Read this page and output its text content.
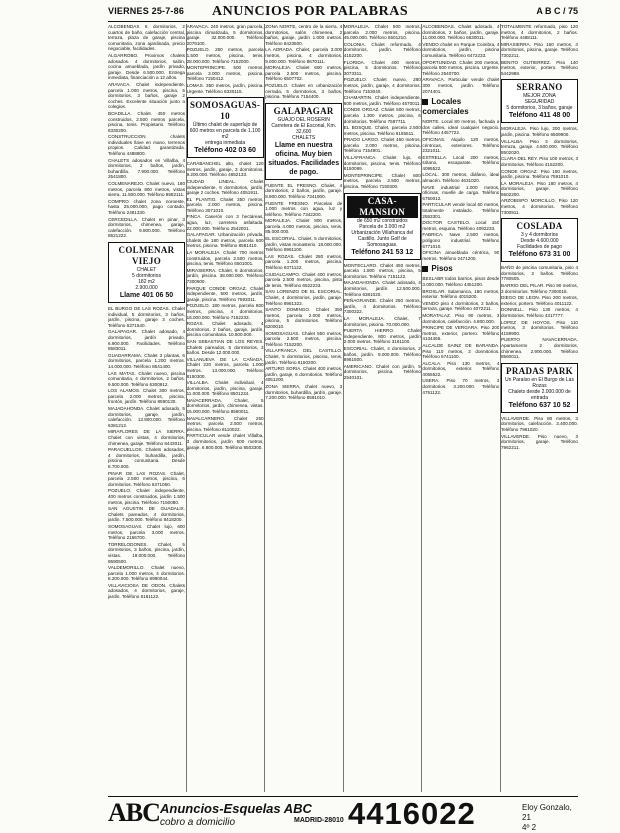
VIERNES 25-7-86 ANUNCIOS POR PALABRAS	A B C / 75

ALCOBENDAS 6 dormitorios, 2 cuartos de baño, calefacción central, terraza, plaza de garaje, piscina comunitaria, zona ajardinada, precio negociable, facilidades.

ALGARROBO. Proximos chalets adosados. 4 dormitorios, salón, cocina amueblada, jardín privado, garaje. Desde 6.500.000. Entrega inmediata, financiación a 12 años.

ARAVACA. Chalet independiente, parcela 1.000 metros, piscina, 5 dormitorios, 3 baños, garaje 2 coches. Excelente situación junto a colegios.

BOADILLA. Chalet. 450 metros construidos, 2.500 metros parcela, piscina, tenis. Propietario. Teléfono 6330200.

CONSTRUCCION chalets individuales llave en mano, terrenos propios. Calidad garantizada. Teléfono 4488800.

CHALETS adosados en Villalba, 4 dormitorios, 2 baños, jardín, buhardilla. 7.900.000. Teléfono 2541800.

COLMENAREJO. Chalet nuevo, 180 metros, parcela 800 metros, vistas sierra. 11.500.000. Teléfono 8582111.

COMPRO chalet zona noroeste, hasta 25.000.000, pago contado. Teléfono 2481330.

CERCEDILLA. Chalet en pinar, 3 dormitorios, chimenea, garaje, calefacción. 9.800.000. Teléfono 8521222.

COLMENAR VIEJO
CHALET
5 dormitorios
182 m2
2.900.000
Llame 401 06 50

EL BURGO DE LAS ROZAS. Chalet individual, 5 dormitorios, 3 baños, jardín, piscina, garaje 3 coches. Teléfono 6371540.

GALAPAGAR. Chalet adosado, 4 dormitorios, jardín privado, 6.900.000. Facilidades. Teléfono 8583011.

GUADARRAMA. Chalet 3 plantas, 6 dormitorios, parcela 1.200 metros. 14.000.000. Teléfono 8541400.

LAS MATAS. Chalet nuevo, piscina comunitaria, 4 dormitorios, 2 baños. 9.500.000. Teléfono 6300912.

LOS ALAMOS. Chalet 300 metros, parcela 2.000 metros, piscina, frontón, jardín. Teléfono 8590130.

MAJADAHONDA. Chalet adosado, 5 dormitorios, garaje, jardín, calefacción. 13.800.000. Teléfono 6381212.

MIRAFLORES DE LA SIERRA. Chalet con vistas, 4 dormitorios, chimenea, garaje. Teléfono 8443011.

PARACUELLOS. Chalets adosados, 4 dormitorios, buhardilla, jardín, piscina comunitaria. Desde 8.700.000.

PINAR DE LAS ROZAS. Chalet, parcela 2.500 metros, piscina, 6 dormitorios. Teléfono 6371060.

POZUELO. Chalet independiente, 400 metros construidos, jardín 1.500 metros, piscina. Teléfono 7150080.

SAN AGUSTIN DE GUADALIX. Chalets pareados, 4 dormitorios, jardín. 7.500.000. Teléfono 8418200.

SOMOSAGUAS. Chalet lujo, 600 metros, parcela 3.000 metros. Teléfono 2156700.

TORRELODONES. Chalet, 5 dormitorios, 3 baños, piscina, jardín, vistas. 19.000.000. Teléfono 8590500.

VALDEMORILLO. Chalet nuevo, parcela 1.000 metros, 4 dormitorios. 8.200.000. Teléfono 8990044.

VILLAVICIOSA DE ODON. Chalets adosados, 4 dormitorios, garaje, jardín. Teléfono 6161122.

ARAVACA. 240 metros, gran parcela, piscina climatizada, 5 dormitorios, garaje. 32.000.000. Teléfono 2079100.

POZUELO. 260 metros, parcela 1.500 metros, piscina, tenis. 28.000.000. Teléfono 7152000.

MONTEPRINCIPE. 500 metros, parcela 3.000 metros, piscina. Teléfono 7150412.

LOMAS. 350 metros, jardín, piscina. Urgente. Teléfono 6330115.

SOMOSAGUAS-10
Último chalet de superlujo de 600 metros en parcela de 1.100 m2
entrega inmediata
Teléfono 402 03 60

CARABANCHEL alto, chalet 120 metros, jardín, garaje, 3 dormitorios. 9.200.000. Teléfono 4652133.

CIUDAD LINEAL. Chalet independiente, 6 dormitorios, jardín, garaje 2 coches. Teléfono 4051911.

EL PLANTIO. Chalet 350 metros, parcela 2.000 metros, piscina. Teléfono 3071010.

FINCA. Caserón con 3 hectáreas, agua, luz, carretera asfaltada. 22.000.000. Teléfono 2542001.

GALAPAGAR. Urbanización privada, chalets de 180 metros, parcela 600 metros, piscina. Teléfono 8581410.

LA MORALEJA. Chalet 700 metros construidos, parcela 2.500 metros, piscina, tenis. Teléfono 6501001.

MIRASIERRA. Chalet, 6 dormitorios, jardín, piscina. 38.000.000. Teléfono 7300600.

PARQUE CONDE ORGAZ. Chalet independiente, 500 metros, jardín, garaje, piscina. Teléfono 7593311.

POZUELO. 180 metros, parcela 800 metros, piscina, 4 dormitorios. 16.000.000. Teléfono 7152233.

ROZAS. Chalet adosado, 4 dormitorios, 2 baños, garaje, jardín, piscina comunitaria. 10.500.000.

SAN SEBASTIAN DE LOS REYES. Chalets pareados, 5 dormitorios, 3 baños. Desde 12.000.000.

VILLANUEVA DE LA CAÑADA. Chalet 220 metros, parcela 1.000 metros. 13.000.000. Teléfono 8150300.

VILLALBA. Chalet individual, 4 dormitorios, jardín, piscina, garaje. 11.000.000. Teléfono 8501234.

NAVACERRADA. Chalet, 5 dormitorios, jardín, chimenea, vistas. 15.000.000. Teléfono 8560011.

NAVALCARNERO. Chalet 250 metros, parcela 2.500 metros, piscina. Teléfono 8110022.

PARTICULAR vende chalet Villalba, 3 dormitorios, jardín 500 metros, garaje. 6.800.000. Teléfono 8503300.

ZONA NORTE, centro de la sierra, 4 dormitorios, salón chimenea, 2 baños, garaje, jardín 1.000 metros. Teléfono 8423500.

LA ADRADA. Chalet, parcela 3.000 metros, piscina, 4 dormitorios. 9.000.000. Teléfono 8670111.

MORALEJA. Chalet 600 metros, parcela 2.500 metros, piscina. Teléfono 6507702.

POZUELO. Chalet en urbanización cerrada, 5 dormitorios, 3 baños, piscina. Teléfono 7154400.

GALAPAGAR
GUAJO DEL ROSERIN
Carretera de El Escorial, Km. 32,600
CHALETS
Llame en nuestra oficina. Muy bien situados. Facilidades de pago.

FUENTE EL FRESNO. Chalet, 4 dormitorios, 2 baños, jardín, garaje. 8.900.000. Teléfono 7341900.

FUENTE FRESNO. Parcelas de 1.000 metros con agua, luz y teléfono. Teléfono 7342200.

MORALEJA. Chalet 800 metros, parcela 4.000 metros, piscina, tenis. 85.000.000.

EL ESCORIAL. Chalet, 5 dormitorios, jardín, vistas monasterio. 18.000.000. Teléfono 8961100.

LAS ROZAS. Chalet 280 metros, parcela 1.200 metros, piscina. Teléfono 6371122.

CIUDALCAMPO. Chalet 400 metros, parcela 2.500 metros, piscina, pista de tenis. Teléfono 6522233.

SAN LORENZO DE EL ESCORIAL. Chalet, 4 dormitorios, jardín, garaje. Teléfono 8961322.

SANTO DOMINGO. Chalet 350 metros, parcela 2.000 metros, piscina, 5 dormitorios. Teléfono 6200010.

SOMOSAGUAS. Chalet 550 metros, parcela 2.500 metros, piscina. Teléfono 7152200.

VILLAFRANCA DEL CASTILLO. Chalet, 5 dormitorios, piscina, tenis, jardín. Teléfono 8150200.

ARTURO SORIA. Chalet 400 metros, jardín, garaje, 6 dormitorios. Teléfono 4051200.

ZONA SIERRA, chalet nuevo, 3 dormitorios, buhardilla, jardín, garaje. 7.200.000. Teléfono 8591010.

MORALEJA. Chalet 500 metros, parcela 2.000 metros, piscina. 45.000.000. Teléfono 6501210.

COLONIA. Chalet reformado, 4 dormitorios, jardín. Teléfono 4152200.

FLORIDA. Chalet 400 metros, piscina, 5 dormitorios. Teléfono 3073311.

POZUELO. Chalet nuevo, 280 metros, jardín, garaje, 4 dormitorios. Teléfono 7153040.

CHAMARTIN. Chalet independiente, 600 metros, jardín. Teléfono 4570011.

CONDE ORGAZ. Chalet 500 metros, parcela 1.300 metros, piscina, 6 dormitorios. Teléfono 7597711.

EL BOSQUE. Chalet, parcela 2.500 metros, piscina. Teléfono 6165511.

PRADO LARGO. Chalet 450 metros, parcela 2.000 metros, piscina. Teléfono 7154901.

VILLAFRANCA. Chalet lujo, 6 dormitorios, piscina, tenis. Teléfono 8150099.

MONTEPRINCIPE. Chalet 600 metros, parcela 2.500 metros, piscina. Teléfono 7150300.

CASA-MANSION
de 650 m2 construidos
Parcela de 3.000 m2
Urbanización Villafranca del Castillo. Junto Golf de Somosaguas.
Teléfono 241 53 12

MONTECLARO. Chalet 450 metros, parcela 1.800 metros, piscina, 5 dormitorios. Teléfono 7151122.

MAJADAHONDA. Chalet adosado, 4 dormitorios, jardín. 12.500.000. Teléfono 6381020.

PEÑAGRANDE. Chalet 250 metros, jardín, 4 dormitorios. Teléfono 7300322.

LA MORALEJA. Chalet, 7 dormitorios, piscina. 70.000.000.

PUERTA HIERRO. Chalet independiente, 800 metros, jardín 2.000 metros. Teléfono 3161100.

ESCORIAL. Chalet, 4 dormitorios, 2 baños, jardín. 9.000.000. Teléfono 8961500.

AMERICANO. Chalet con jardín, 5 dormitorios, piscina. Teléfono 2540101.

ALCOBENDAS. Chalet adosado, 4 dormitorios, 2 baños, jardín, garaje. 11.000.000. Teléfono 6530011.

VENDO chalet en Parque Coimbra, 4 dormitorios, jardín, piscina comunitaria. Teléfono 6472233.

OPORTUNIDAD. Chalet 200 metros, parcela 800 metros, piscina. Urgente. Teléfono 2540700.

ARAVACA. Particular vende chalet 300 metros, jardín. Teléfono 2074401.

Locales comerciales

NORTE. Local 80 metros, fachada a dos calles, ideal cualquier negocio. Teléfono 4457722.

OFICINAS. Alquilo 120 metros, céntricas, exteriores. Teléfono 2321011.

ESTRELLA. Local 200 metros, sótano, escaparate. Teléfono 4095522.

LOCAL. 300 metros, diáfano, ideal almacén. Teléfono 4631020.

NAVE industrial 1.000 metros, oficinas, muelle de carga. Teléfono 6750012.

PARTICULAR vende local 60 metros, totalmente instalado. Teléfono 2553301.

DOCTOR CASTELO. Local 150 metros, esquina. Teléfono 4092233.

FABRICA. Nave 2.500 metros, polígono industrial. Teléfono 6771010.

OFICINA amueblada céntrica, 90 metros. Teléfono 2471200.

Pisos

BESLABR todos barrios, pisos desde 3.000.000. Teléfono 4451200.

BROSLAR. Salamanca, 180 metros, exterior. Teléfono 4015200.

VENDO piso 4 dormitorios, 2 baños, terraza, garaje. Teléfono 4072211.

MORATALAZ. Piso 90 metros, 3 dormitorios, calefacción. 4.800.000.

PRINCIPE DE VERGARA. Piso 200 metros, exterior, portero. Teléfono 4134455.

ALCALDE SAINZ DE BARANDA. Piso 110 metros, 3 dormitorios. Teléfono 5741100.

ALCALA. Piso 130 metros, 4 dormitorios, exterior. Teléfono 4055522.

USERA. Piso 70 metros, 3 dormitorios. 3.200.000. Teléfono 4751122.

TOTALMENTE reformado, piso 120 metros, 4 dormitorios, 2 baños. Teléfono 4468111.

MIRASIERRA. Piso 160 metros, 4 dormitorios, piscina, garaje. Teléfono 7302211.

BENITO GUTIERREZ. Piso 140 metros, exterior, portero. Teléfono 5442988.

SERRANO
MEJOR ZONA
SEGURIDAD
5 dormitorios, 3 baños, garaje
Teléfono 411 48 00

MORALEJA. Piso lujo, 200 metros, jardín, piscina. Teléfono 6509900.

VILLALBA. Piso 3 dormitorios, terraza, garaje. 4.500.000. Teléfono 8502020.

CLARA DEL REY. Piso 100 metros, 3 dormitorios. Teléfono 4152200.

CONDE ORGAZ. Piso 150 metros, jardín, piscina. Teléfono 7591010.

LA MORALEJA. Piso 180 metros, 4 dormitorios, garaje. Teléfono 6502200.

ARZOBISPO MORCILLO. Piso 120 metros, 4 dormitorios. Teléfono 7300911.

COSLADA
3 y 4 dormitorios
Desde 4.600.000
Facilidades de pago
Teléfono 673 31 00

BAÑO de piscina comunitaria, piso 4 dormitorios, 2 baños. Teléfono 7780505.

BARRIO DEL PILAR. Piso 90 metros, 3 dormitorios. Teléfono 7300015.

DIEGO DE LEON. Piso 200 metros, exterior, portero. Teléfono 4011122.

DONNELL. Piso 130 metros, 4 dormitorios. Teléfono 4317777.

LOPEZ DE HOYOS. Piso 110 metros, 3 dormitorios. Teléfono 4159900.

PUERTO NAVACERRADA. Apartamento 2 dormitorios, chimenea. 2.900.000. Teléfono 8560011.

PRADAS PARK
Un Paraíso en El Burgo de Las Rozas
Chalets desde 2.000.000 de entrada
Teléfono 637 10 52

VILLAVERDE. Piso 80 metros, 3 dormitorios, calefacción. 3.400.000. Teléfono 7961020.

VILLAVERDE. Piso nuevo, 3 dormitorios, garaje. Teléfono 7962211.

ABC Anuncios-Esquelas ABC
cobro a domicilio	MADRID-28010 4416022	Eloy Gonzalo, 21
4º 2
